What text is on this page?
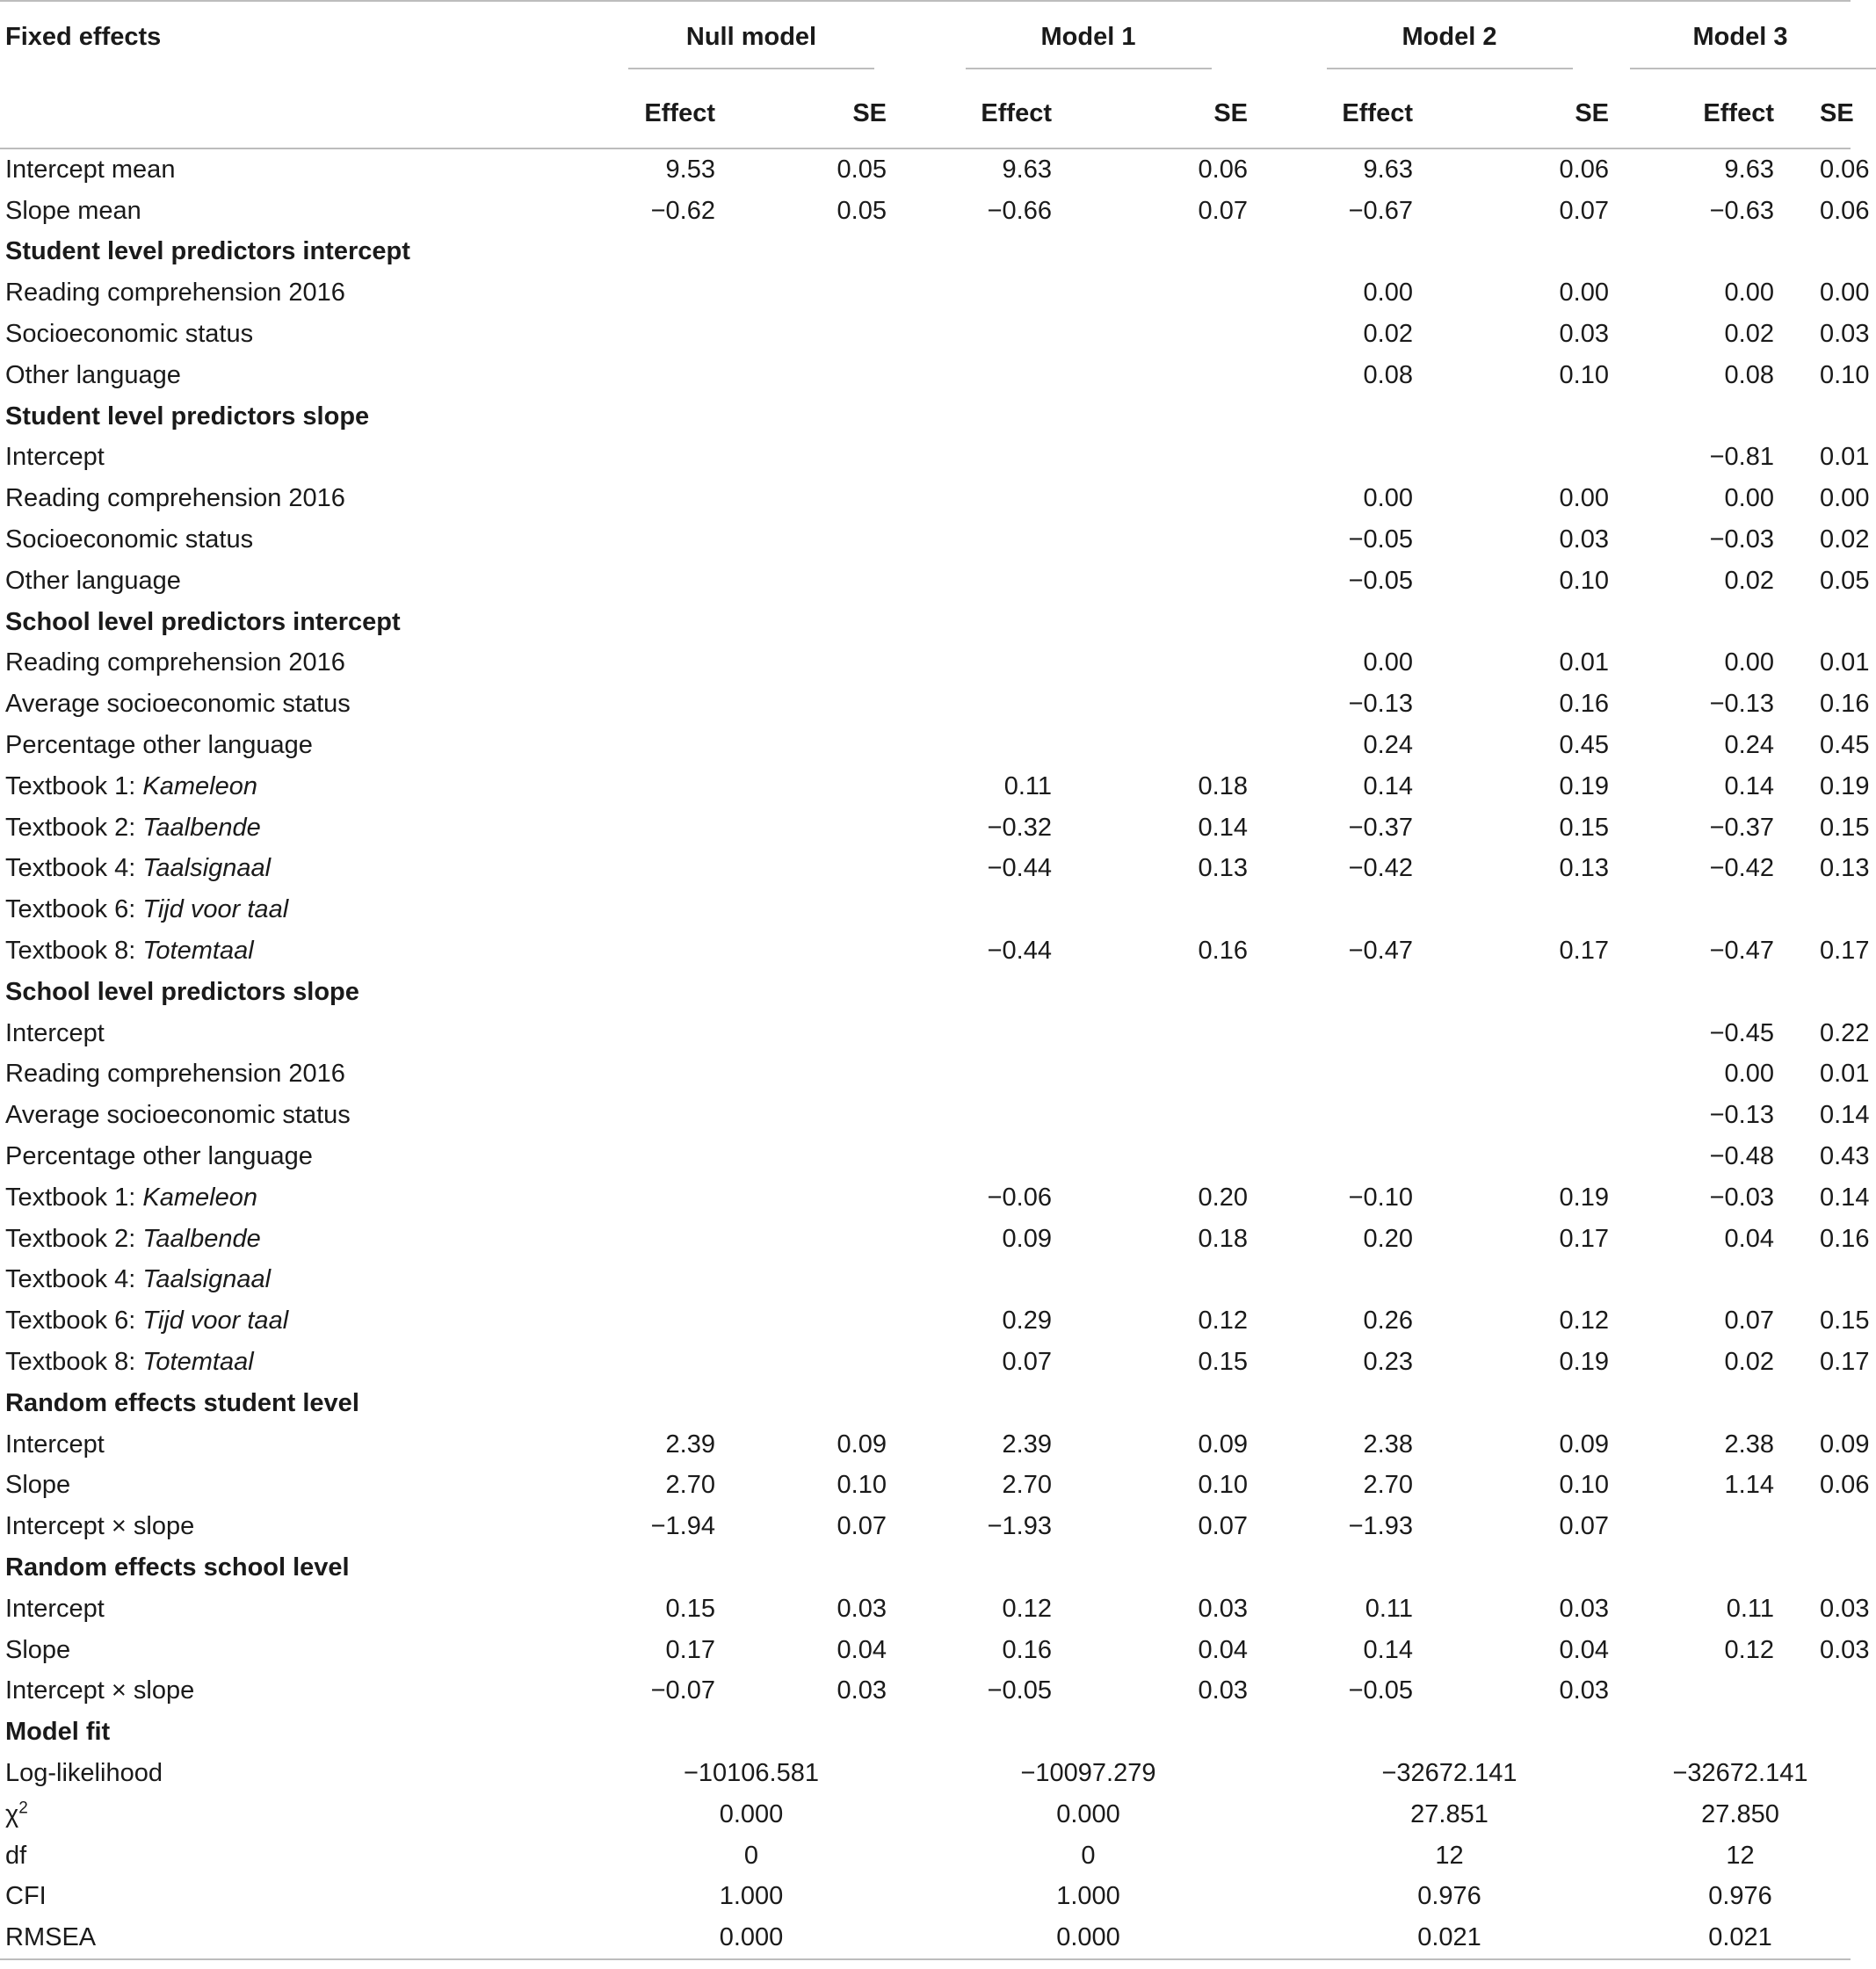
Fixed effects		Null model		Model 1		Model 2		Model 3	

		Effect	SE	Effect	SE	Effect	SE	Effect	SE
Intercept mean		9.53	0.05	9.63	0.06	9.63	0.06	9.63	0.06
Slope mean		−0.62	0.05	−0.66	0.07	−0.67	0.07	−0.63	0.06
Student level predictors intercept									
Reading comprehension 2016						0.00	0.00	0.00	0.00
Socioeconomic status						0.02	0.03	0.02	0.03
Other language						0.08	0.10	0.08	0.10
Student level predictors slope									
Intercept								−0.81	0.01
Reading comprehension 2016						0.00	0.00	0.00	0.00
Socioeconomic status						−0.05	0.03	−0.03	0.02
Other language						−0.05	0.10	0.02	0.05
School level predictors intercept									
Reading comprehension 2016						0.00	0.01	0.00	0.01
Average socioeconomic status						−0.13	0.16	−0.13	0.16
Percentage other language						0.24	0.45	0.24	0.45
Textbook 1: Kameleon				0.11	0.18	0.14	0.19	0.14	0.19
Textbook 2: Taalbende				−0.32	0.14	−0.37	0.15	−0.37	0.15
Textbook 4: Taalsignaal				−0.44	0.13	−0.42	0.13	−0.42	0.13
Textbook 6: Tijd voor taal									
Textbook 8: Totemtaal				−0.44	0.16	−0.47	0.17	−0.47	0.17
School level predictors slope									
Intercept								−0.45	0.22
Reading comprehension 2016								0.00	0.01
Average socioeconomic status								−0.13	0.14
Percentage other language								−0.48	0.43
Textbook 1: Kameleon				−0.06	0.20	−0.10	0.19	−0.03	0.14
Textbook 2: Taalbende				0.09	0.18	0.20	0.17	0.04	0.16
Textbook 4: Taalsignaal									
Textbook 6: Tijd voor taal				0.29	0.12	0.26	0.12	0.07	0.15
Textbook 8: Totemtaal				0.07	0.15	0.23	0.19	0.02	0.17
Random effects student level									
Intercept		2.39	0.09	2.39	0.09	2.38	0.09	2.38	0.09
Slope		2.70	0.10	2.70	0.10	2.70	0.10	1.14	0.06
Intercept × slope		−1.94	0.07	−1.93	0.07	−1.93	0.07		
Random effects school level									
Intercept		0.15	0.03	0.12	0.03	0.11	0.03	0.11	0.03
Slope		0.17	0.04	0.16	0.04	0.14	0.04	0.12	0.03
Intercept × slope		−0.07	0.03	−0.05	0.03	−0.05	0.03		
Model fit									
Log-likelihood		−10106.581		−10097.279		−32672.141		−32672.141	
$\chi^2$		0.000		0.000		27.851		27.850	
df		0		0		12		12	
CFI		1.000		1.000		0.976		0.976	
RMSEA		0.000		0.000		0.021		0.021	
